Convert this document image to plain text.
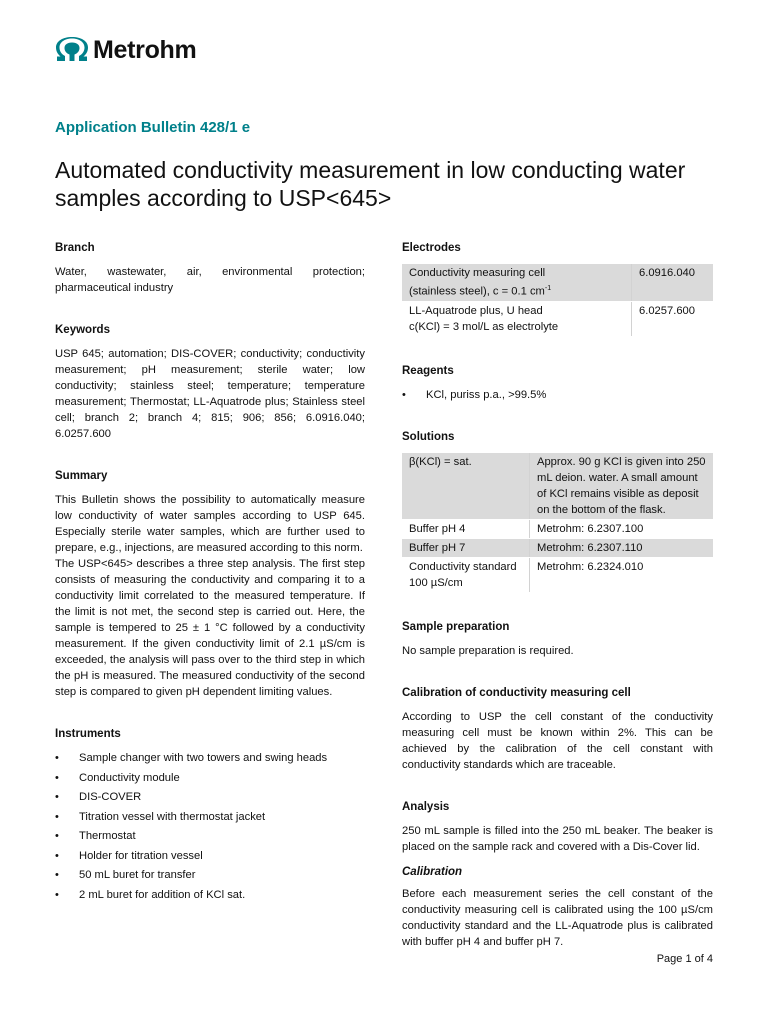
Metrohm
Application Bulletin 428/1 e
Automated conductivity measurement in low conducting water samples according to USP<645>
Branch

Water, wastewater, air, environmental protection; pharmaceutical industry

Keywords

USP 645; automation; DIS-COVER; conductivity; conductivity measurement; pH measurement; sterile water; low conductivity; stainless steel; temperature; temperature measurement; Thermostat; LL-Aquatrode plus; Stainless steel cell; branch 2; branch 4; 815; 906; 856; 6.0916.040; 6.0257.600

Summary

This Bulletin shows the possibility to automatically measure low conductivity of water samples according to USP 645. Especially sterile water samples, which are further used to prepare, e.g., injections, are measured according to this norm.

The USP<645> describes a three step analysis. The first step consists of measuring the conductivity and comparing it to a conductivity limit correlated to the measured temperature. If the limit is not met, the second step is carried out. Here, the sample is tempered to 25 ± 1 °C followed by a conductivity measurement. If the given conductivity limit of 2.1 µS/cm is exceeded, the analysis will pass over to the third step in which the pH is measured. The measured conductivity of the second step is compared to given pH dependent limiting values.

Instruments
• Sample changer with two towers and swing heads
• Conductivity module
• DIS-COVER
• Titration vessel with thermostat jacket
• Thermostat
• Holder for titration vessel
• 50 mL buret for transfer
• 2 mL buret for addition of KCl sat.
Electrodes
Conductivity measuring cell
(stainless steel), c = 0.1 $cm^{-1}$	6.0916.040
LL-Aquatrode plus, U head
c(KCl) = 3 mol/L as electrolyte	6.0257.600
Reagents
• KCl, puriss p.a., >99.5%
Solutions
β(KCl) = sat.	Approx. 90 g KCl is given into 250 mL deion. water. A small amount of KCl remains visible as deposit on the bottom of the flask.
Buffer pH 4	Metrohm: 6.2307.100
Buffer pH 7	Metrohm: 6.2307.110
Conductivity standard 100 µS/cm	Metrohm: 6.2324.010
Sample preparation

No sample preparation is required.

Calibration of conductivity measuring cell

According to USP the cell constant of the conductivity measuring cell must be known within 2%. This can be achieved by the calibration of the cell constant with conductivity standards which are traceable.

Analysis

250 mL sample is filled into the 250 mL beaker. The beaker is placed on the sample rack and covered with a Dis-Cover lid.

Calibration

Before each measurement series the cell constant of the conductivity measuring cell is calibrated using the 100 µS/cm conductivity standard and the LL-Aquatrode plus is calibrated with buffer pH 4 and buffer pH 7.

Page 1 of 4
